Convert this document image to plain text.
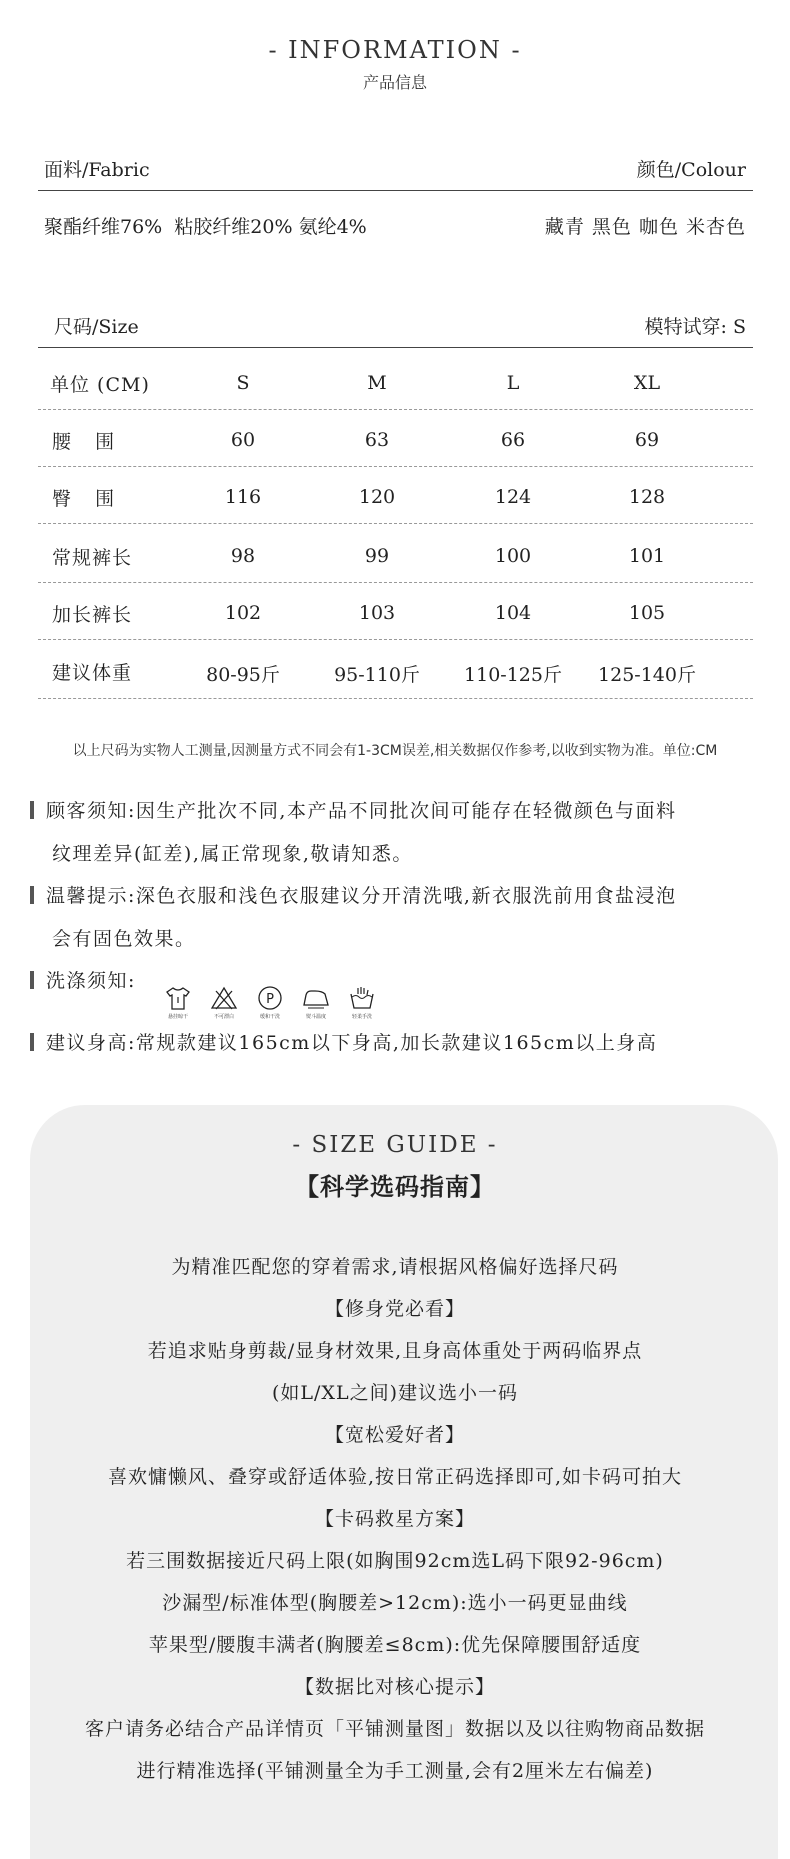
- INFORMATION -
产品信息
面料/Fabric	颜色/Colour
聚酯纤维76%  粘胶纤维20% 氨纶4%	藏青 黑色 咖色 米杏色
尺码/Size	模特试穿: S
单位 (CM)	S	M	L	XL
腰  围	60	63	66	69
臀  围	116	120	124	128
常规裤长	98	99	100	101
加长裤长	102	103	104	105
建议体重	80-95斤	95-110斤	110-125斤	125-140斤
以上尺码为实物人工测量,因测量方式不同会有1-3CM误差,相关数据仅作参考,以收到实物为准。单位:CM
顾客须知:因生产批次不同,本产品不同批次间可能存在轻微颜色与面料
纹理差异(缸差),属正常现象,敬请知悉。
温馨提示:深色衣服和浅色衣服建议分开清洗哦,新衣服洗前用食盐浸泡
会有固色效果。
洗涤须知:
悬挂晾干	不可漂白
P
缓和干洗	熨斗温度	轻柔手洗
建议身高:常规款建议165cm以下身高,加长款建议165cm以上身高
- SIZE GUIDE -
【科学选码指南】
为精准匹配您的穿着需求,请根据风格偏好选择尺码
【修身党必看】
若追求贴身剪裁/显身材效果,且身高体重处于两码临界点
(如L/XL之间)建议选小一码
【宽松爱好者】
喜欢慵懒风、叠穿或舒适体验,按日常正码选择即可,如卡码可拍大
【卡码救星方案】
若三围数据接近尺码上限(如胸围92cm选L码下限92-96cm)
沙漏型/标准体型(胸腰差>12cm):选小一码更显曲线
苹果型/腰腹丰满者(胸腰差≤8cm):优先保障腰围舒适度
【数据比对核心提示】
客户请务必结合产品详情页「平铺测量图」数据以及以往购物商品数据
进行精准选择(平铺测量全为手工测量,会有2厘米左右偏差)
